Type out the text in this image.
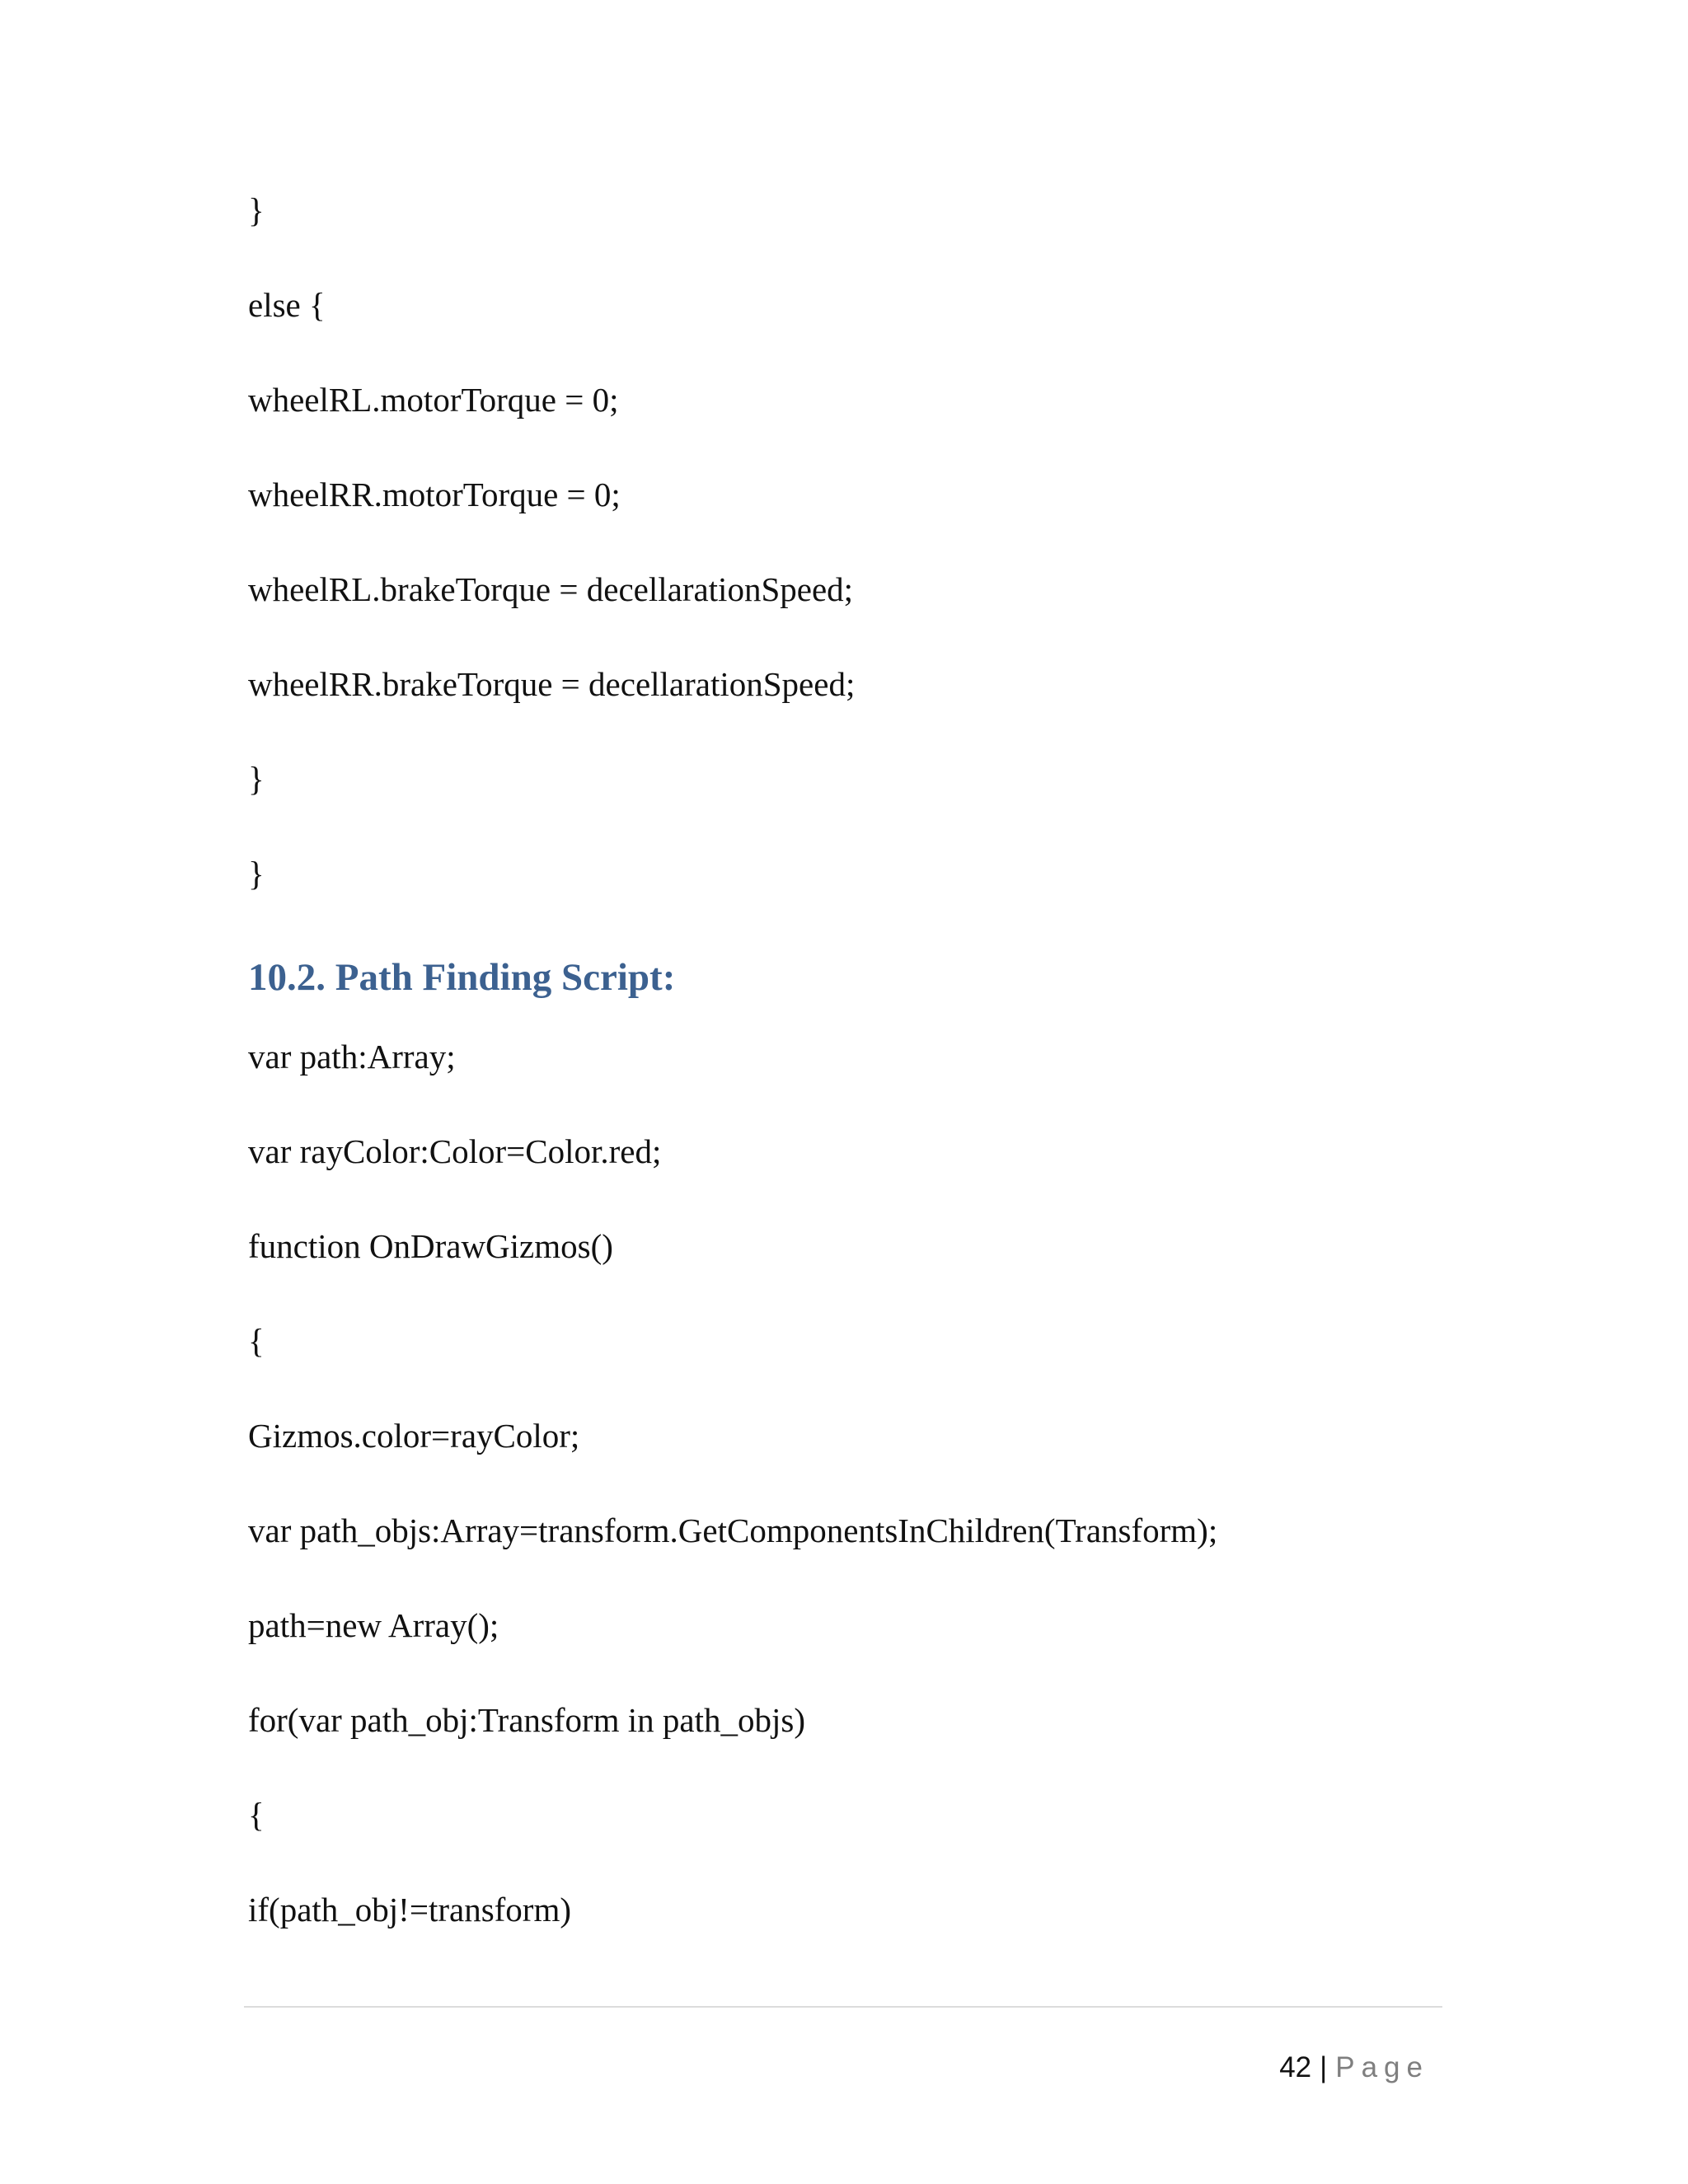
}
else {
wheelRL.motorTorque = 0;
wheelRR.motorTorque = 0;
wheelRL.brakeTorque = decellarationSpeed;
wheelRR.brakeTorque = decellarationSpeed;
}
}
10.2. Path Finding Script:
var path:Array;
var rayColor:Color=Color.red;
function OnDrawGizmos()
{
Gizmos.color=rayColor;
var path_objs:Array=transform.GetComponentsInChildren(Transform);
path=new Array();
for(var path_obj:Transform in path_objs)
{
if(path_obj!=transform)

42 | Page
